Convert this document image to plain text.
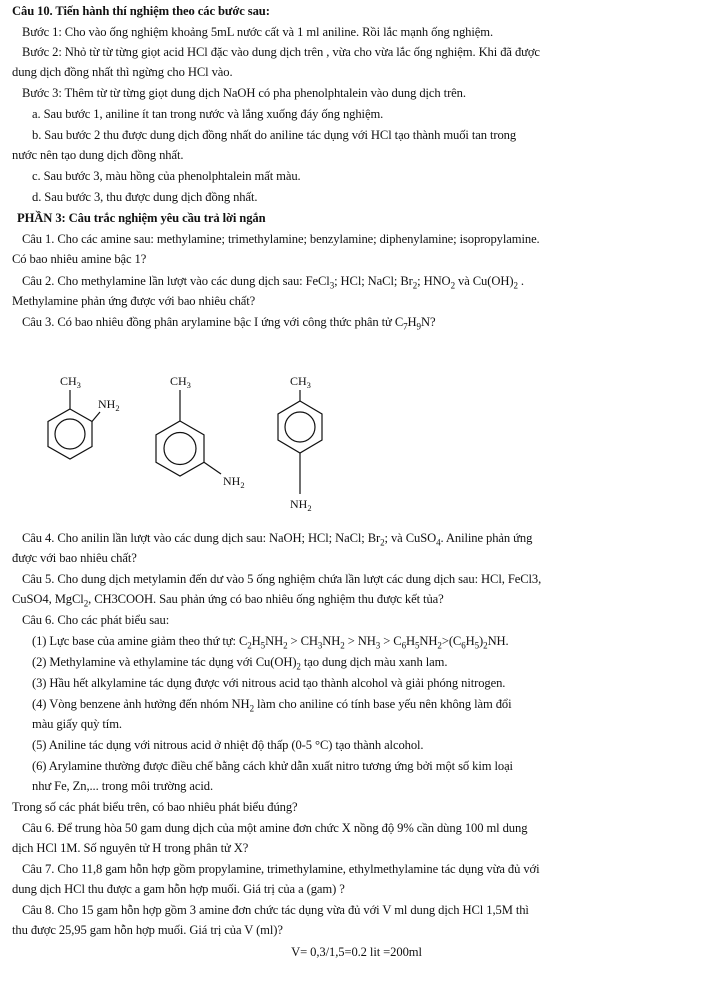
Câu 10. Tiến hành thí nghiệm theo các bước sau:
Bước 1: Cho vào ống nghiệm khoảng 5mL nước cất và 1 ml aniline. Rồi lắc mạnh ống nghiệm.
Bước 2: Nhỏ từ từ từng giọt acid HCl đặc vào dung dịch trên , vừa cho vừa lắc ống nghiệm. Khi đã được
dung dịch đồng nhất thì ngừng cho HCl vào.
Bước 3: Thêm từ từ từng giọt dung dịch NaOH có pha phenolphtalein vào dung dịch trên.
a. Sau bước 1, aniline ít tan trong nước và lắng xuống đáy ống nghiệm.
b. Sau bước 2 thu được dung dịch đồng nhất do aniline tác dụng với HCl tạo thành muối tan trong
nước nên tạo dung dịch đồng nhất.
c. Sau bước 3, màu hồng của phenolphtalein mất màu.
d. Sau bước 3, thu được dung dịch đồng nhất.
PHẦN 3: Câu trắc nghiệm yêu cầu trả lời ngắn
Câu 1. Cho các amine sau: methylamine; trimethylamine; benzylamine; diphenylamine; isopropylamine.
Có bao nhiêu amine bậc 1?
Câu 2. Cho methylamine lần lượt vào các dung dịch sau: FeCl$_3$; HCl; NaCl; $Br_2$; $HNO_2$ và $Cu(OH)_2$ .
Methylamine phản ứng được với bao nhiêu chất?
Câu 3. Có bao nhiêu đồng phân arylamine bậc I ứng với công thức phân tử $C_7H_9N$?
$CH_3$
$NH_2$
$CH_3$
$NH_2$
$CH_3$
$NH_2$
Câu 4. Cho anilin lần lượt vào các dung dịch sau: NaOH; HCl; NaCl; $Br_2$; và CuSO$_4$. Aniline phản ứng
được với bao nhiêu chất?
Câu 5. Cho dung dịch metylamin đến dư vào 5 ống nghiệm chứa lần lượt các dung dịch sau: HCl, FeCl3,
CuSO4, MgCl$_2$, CH3COOH. Sau phản ứng có bao nhiêu ống nghiệm thu được kết tủa?
Câu 6. Cho các phát biểu sau:
(1) Lực base của amine giảm theo thứ tự: $C_2H_5NH_2 > CH_3NH_2 > NH_3 > C_6H_5NH_2>(C_6H_5)_2NH$.
(2) Methylamine và ethylamine tác dụng với $Cu(OH)_2$ tạo dung dịch màu xanh lam.
(3) Hầu hết alkylamine tác dụng được với nitrous acid tạo thành alcohol và giải phóng nitrogen.
(4) Vòng benzene ảnh hưởng đến nhóm $NH_2$ làm cho aniline có tính base yếu nên không làm đổi
màu giấy quỳ tím.
(5) Aniline tác dụng với nitrous acid ở nhiệt độ thấp (0-5 °C) tạo thành alcohol.
(6) Arylamine thường được điều chế bằng cách khử dẫn xuất nitro tương ứng bởi một số kim loại
như Fe, Zn,... trong môi trường acid.
Trong số các phát biểu trên, có bao nhiêu phát biểu đúng?
Câu 6. Để trung hòa 50 gam dung dịch của một amine đơn chức X nồng độ 9% cần dùng 100 ml dung
dịch HCl 1M. Số nguyên tử H trong phân tử X?
Câu 7. Cho 11,8 gam hỗn hợp gồm propylamine, trimethylamine, ethylmethylamine tác dụng vừa đủ với
dung dịch HCl thu được a gam hỗn hợp muối. Giá trị của a (gam) ?
Câu 8. Cho 15 gam hỗn hợp gồm 3 amine đơn chức tác dụng vừa đủ với V ml dung dịch HCl 1,5M thì
thu được 25,95 gam hỗn hợp muối. Giá trị của V (ml)?
V= 0,3/1,5=0.2 lit =200ml
